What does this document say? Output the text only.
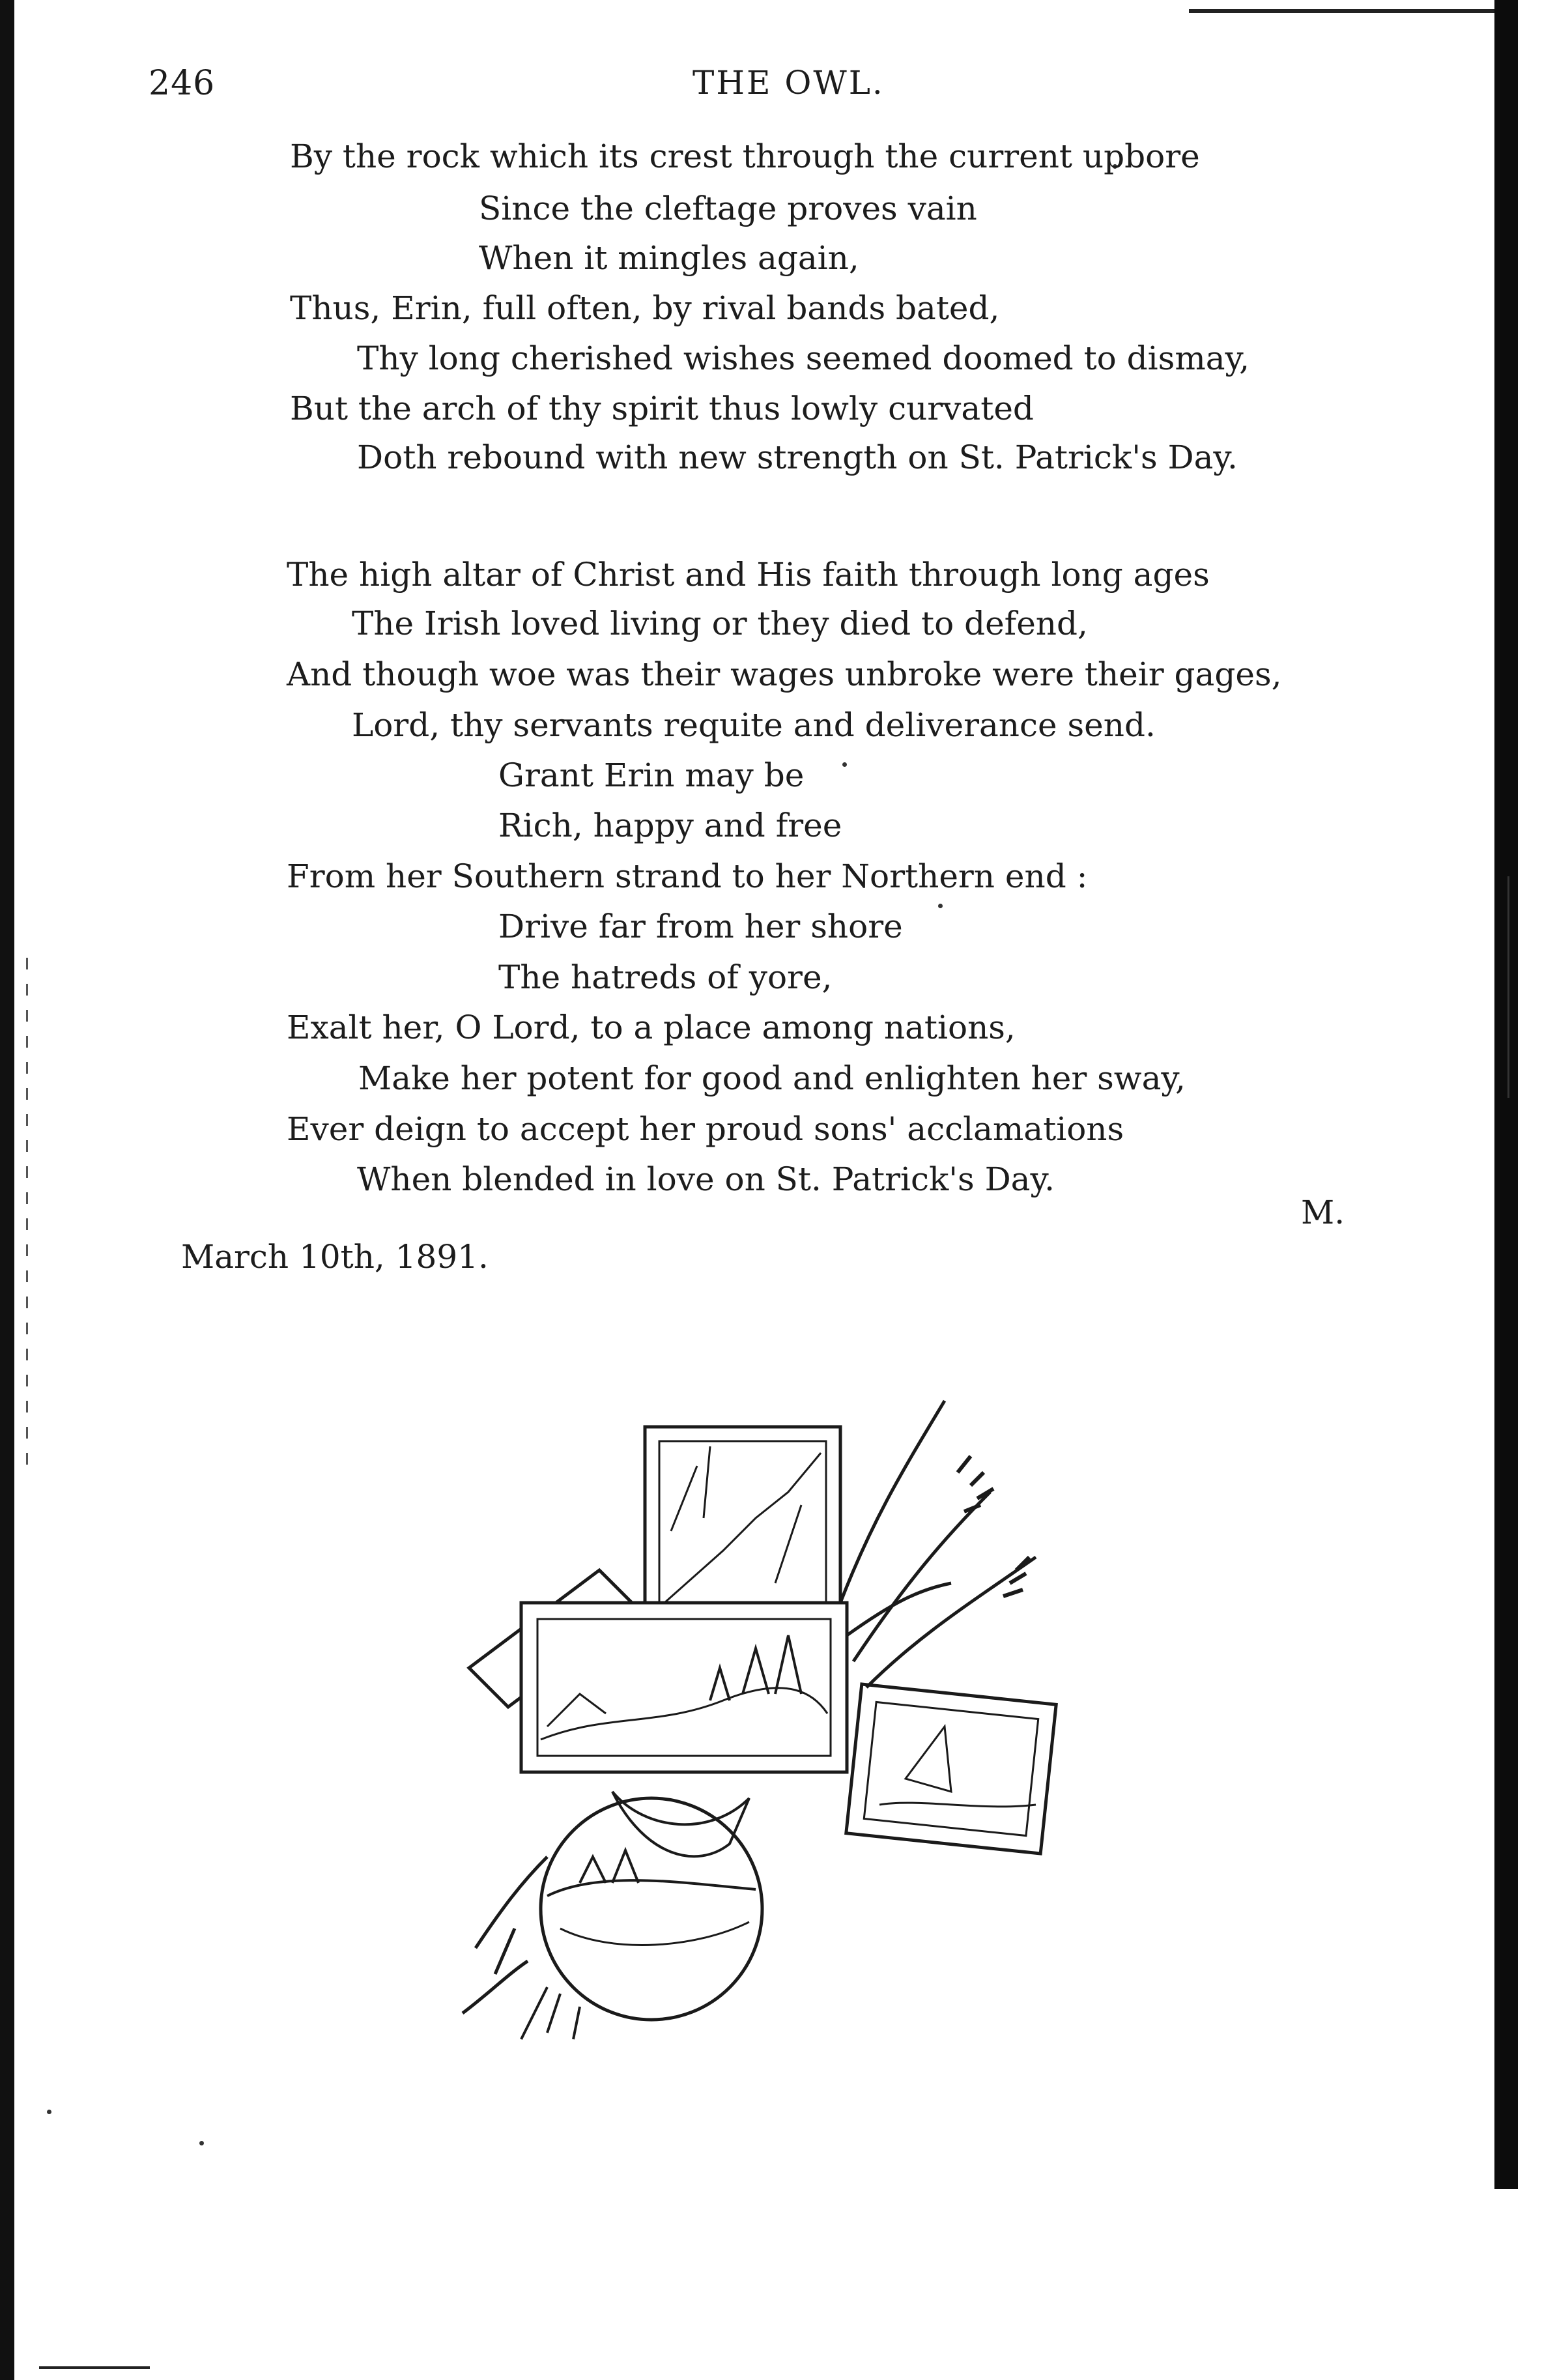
246	THE OWL.
By the rock which its crest through the current upbore
Since the cleftage proves vain
When it mingles again,
Thus, Erin, full often, by rival bands bated,
Thy long cherished wishes seemed doomed to dismay,
But the arch of thy spirit thus lowly curvated
Doth rebound with new strength on St. Patrick's Day.
The high altar of Christ and His faith through long ages
The Irish loved living or they died to defend,
And though woe was their wages unbroke were their gages,
Lord, thy servants requite and deliverance send.
Grant Erin may be
Rich, happy and free
From her Southern strand to her Northern end :
Drive far from her shore
The hatreds of yore,
Exalt her, O Lord, to a place among nations,
Make her potent for good and enlighten her sway,
Ever deign to accept her proud sons' acclamations
When blended in love on St. Patrick's Day.
M.
March 10th, 1891.
